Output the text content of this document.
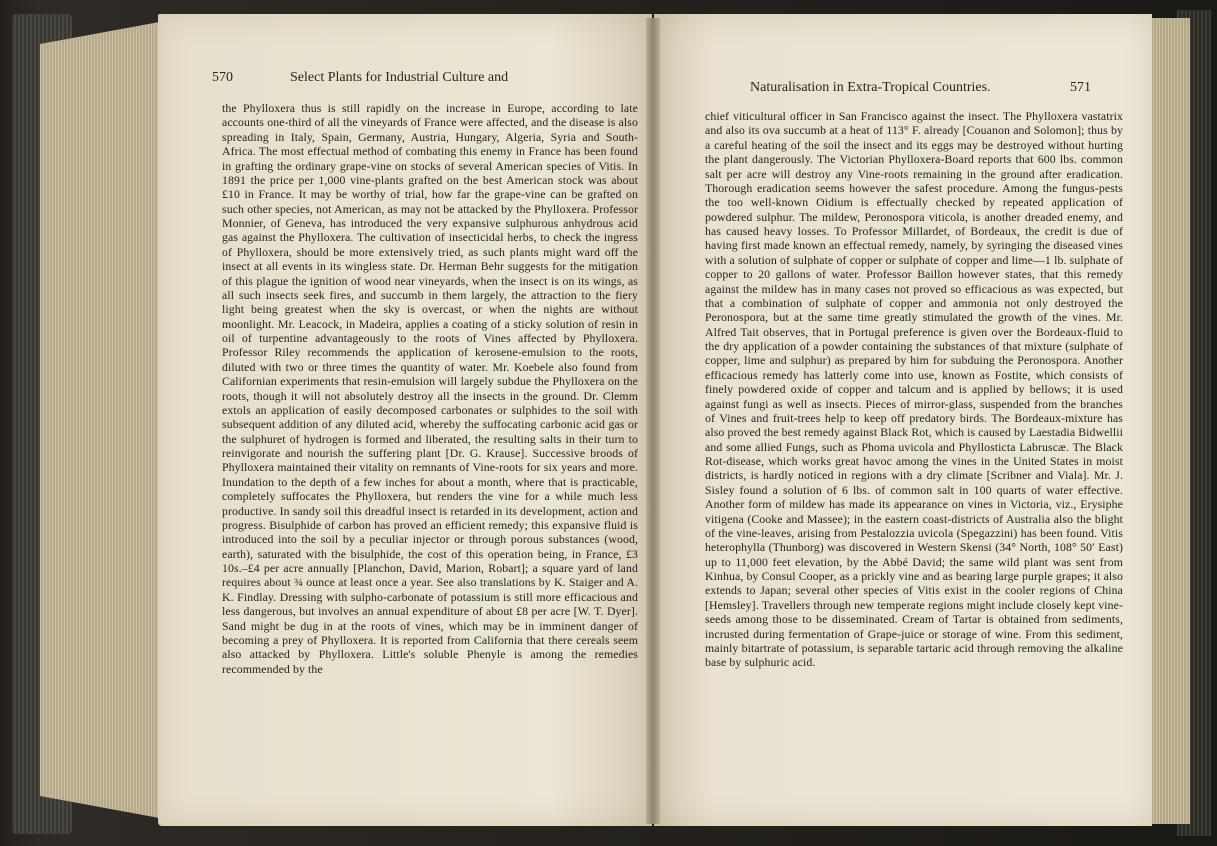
570	Select Plants for Industrial Culture and
Naturalisation in Extra-Tropical Countries.	571
the Phylloxera thus is still rapidly on the increase in Europe, according to late accounts one-third of all the vineyards of France were affected, and the disease is also spreading in Italy, Spain, Germany, Austria, Hungary, Algeria, Syria and South-Africa. The most effectual method of combating this enemy in France has been found in grafting the ordinary grape-vine on stocks of several American species of Vitis. In 1891 the price per 1,000 vine-plants grafted on the best American stock was about £10 in France. It may be worthy of trial, how far the grape-vine can be grafted on such other species, not American, as may not be attacked by the Phylloxera. Professor Monnier, of Geneva, has introduced the very expansive sulphurous anhydrous acid gas against the Phylloxera. The cultivation of insecticidal herbs, to check the ingress of Phylloxera, should be more extensively tried, as such plants might ward off the insect at all events in its wingless state. Dr. Herman Behr suggests for the mitigation of this plague the ignition of wood near vineyards, when the insect is on its wings, as all such insects seek fires, and succumb in them largely, the attraction to the fiery light being greatest when the sky is overcast, or when the nights are without moonlight. Mr. Leacock, in Madeira, applies a coating of a sticky solution of resin in oil of turpentine advantageously to the roots of Vines affected by Phylloxera. Professor Riley recommends the application of kerosene-emulsion to the roots, diluted with two or three times the quantity of water. Mr. Koebele also found from Californian experiments that resin-emulsion will largely subdue the Phylloxera on the roots, though it will not absolutely destroy all the insects in the ground. Dr. Clemm extols an application of easily decomposed carbonates or sulphides to the soil with subsequent addition of any diluted acid, whereby the suffocating carbonic acid gas or the sulphuret of hydrogen is formed and liberated, the resulting salts in their turn to reinvigorate and nourish the suffering plant [Dr. G. Krause]. Successive broods of Phylloxera maintained their vitality on remnants of Vine-roots for six years and more. Inundation to the depth of a few inches for about a month, where that is practicable, completely suffocates the Phylloxera, but renders the vine for a while much less productive. In sandy soil this dreadful insect is retarded in its development, action and progress. Bisulphide of carbon has proved an efficient remedy; this expansive fluid is introduced into the soil by a peculiar injector or through porous substances (wood, earth), saturated with the bisulphide, the cost of this operation being, in France, £3 10s.–£4 per acre annually [Planchon, David, Marion, Robart]; a square yard of land requires about ¾ ounce at least once a year. See also translations by K. Staiger and A. K. Findlay. Dressing with sulpho-carbonate of potassium is still more efficacious and less dangerous, but involves an annual expenditure of about £8 per acre [W. T. Dyer]. Sand might be dug in at the roots of vines, which may be in imminent danger of becoming a prey of Phylloxera. It is reported from California that there cereals seem also attacked by Phylloxera. Little's soluble Phenyle is among the remedies recommended by the
chief viticultural officer in San Francisco against the insect. The Phylloxera vastatrix and also its ova succumb at a heat of 113° F. already [Couanon and Solomon]; thus by a careful heating of the soil the insect and its eggs may be destroyed without hurting the plant dangerously. The Victorian Phylloxera-Board reports that 600 lbs. common salt per acre will destroy any Vine-roots remaining in the ground after eradication. Thorough eradication seems however the safest procedure. Among the fungus-pests the too well-known Oidium is effectually checked by repeated application of powdered sulphur. The mildew, Peronospora viticola, is another dreaded enemy, and has caused heavy losses. To Professor Millardet, of Bordeaux, the credit is due of having first made known an effectual remedy, namely, by syringing the diseased vines with a solution of sulphate of copper or sulphate of copper and lime—1 lb. sulphate of copper to 20 gallons of water. Professor Baillon however states, that this remedy against the mildew has in many cases not proved so efficacious as was expected, but that a combination of sulphate of copper and ammonia not only destroyed the Peronospora, but at the same time greatly stimulated the growth of the vines. Mr. Alfred Tait observes, that in Portugal preference is given over the Bordeaux-fluid to the dry application of a powder containing the substances of that mixture (sulphate of copper, lime and sulphur) as prepared by him for subduing the Peronospora. Another efficacious remedy has latterly come into use, known as Fostite, which consists of finely powdered oxide of copper and talcum and is applied by bellows; it is used against fungi as well as insects. Pieces of mirror-glass, suspended from the branches of Vines and fruit-trees help to keep off predatory birds. The Bordeaux-mixture has also proved the best remedy against Black Rot, which is caused by Laestadia Bidwellii and some allied Fungs, such as Phoma uvicola and Phyllosticta Labruscæ. The Black Rot-disease, which works great havoc among the vines in the United States in moist districts, is hardly noticed in regions with a dry climate [Scribner and Viala]. Mr. J. Sisley found a solution of 6 lbs. of common salt in 100 quarts of water effective. Another form of mildew has made its appearance on vines in Victoria, viz., Erysiphe vitigena (Cooke and Massee); in the eastern coast-districts of Australia also the blight of the vine-leaves, arising from Pestalozzia uvicola (Spegazzini) has been found. Vitis heterophylla (Thunborg) was discovered in Western Skensi (34° North, 108° 50′ East) up to 11,000 feet elevation, by the Abbé David; the same wild plant was sent from Kinhua, by Consul Cooper, as a prickly vine and as bearing large purple grapes; it also extends to Japan; several other species of Vitis exist in the cooler regions of China [Hemsley]. Travellers through new temperate regions might include closely kept vine-seeds among those to be disseminated. Cream of Tartar is obtained from sediments, incrusted during fermentation of Grape-juice or storage of wine. From this sediment, mainly bitartrate of potassium, is separable tartaric acid through removing the alkaline base by sulphuric acid.
